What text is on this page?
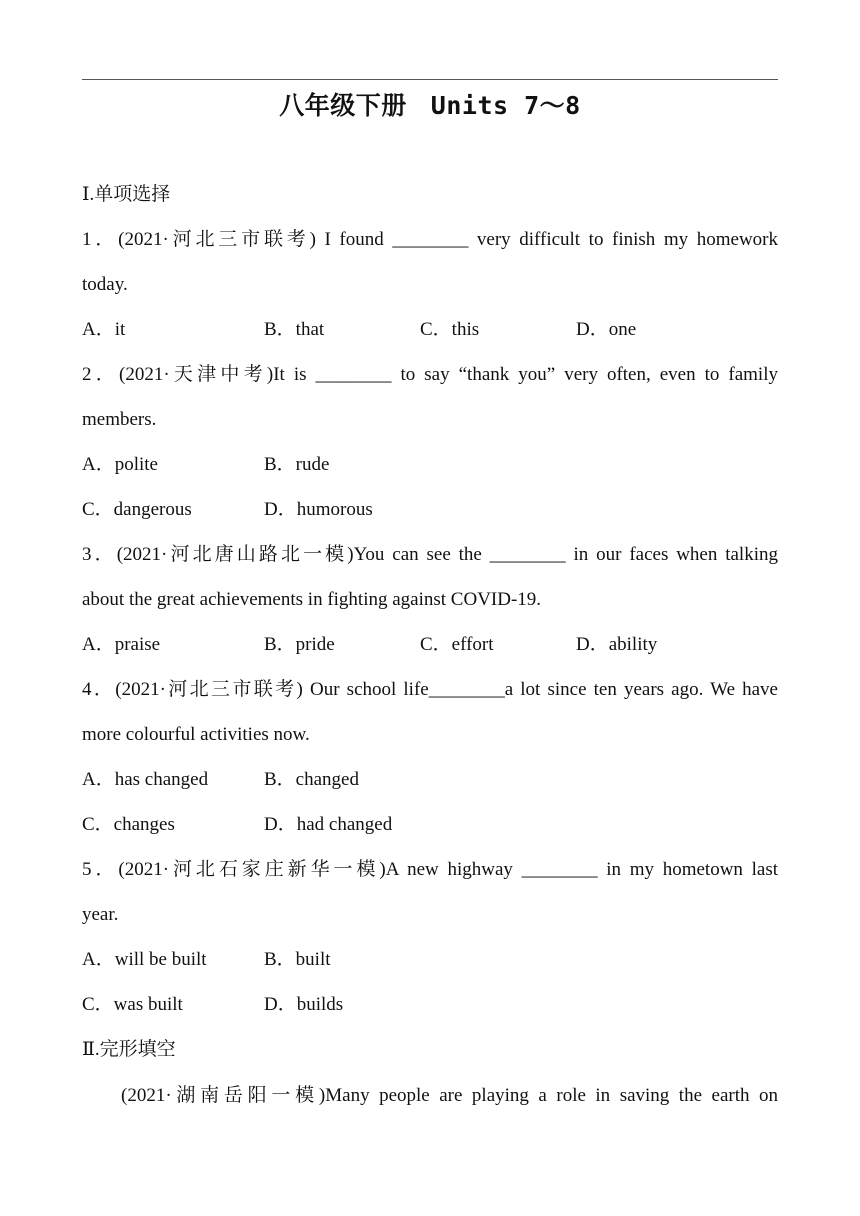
八年级下册 Units 7～8
Ⅰ.单项选择
1．(2021·河北三市联考) I found ________ very difficult to finish my homework
today.
A．it	B．that	C．this	D．one
2．(2021·天津中考)It is ________ to say “thank you” very often, even to family
members.
A．polite	B．rude
C．dangerous	D．humorous
3．(2021·河北唐山路北一模)You can see the ________ in our faces when talking
about the great achievements in fighting against COVID-19.
A．praise	B．pride	C．effort	D．ability
4．(2021·河北三市联考) Our school life________a lot since ten years ago. We have
more colourful activities now.
A．has changed	B．changed
C．changes	D．had changed
5．(2021·河北石家庄新华一模)A new highway ________ in my hometown last
year.
A．will be built	B．built
C．was built	D．builds
Ⅱ.完形填空
(2021·湖南岳阳一模)Many people are playing a role in saving the earth on
